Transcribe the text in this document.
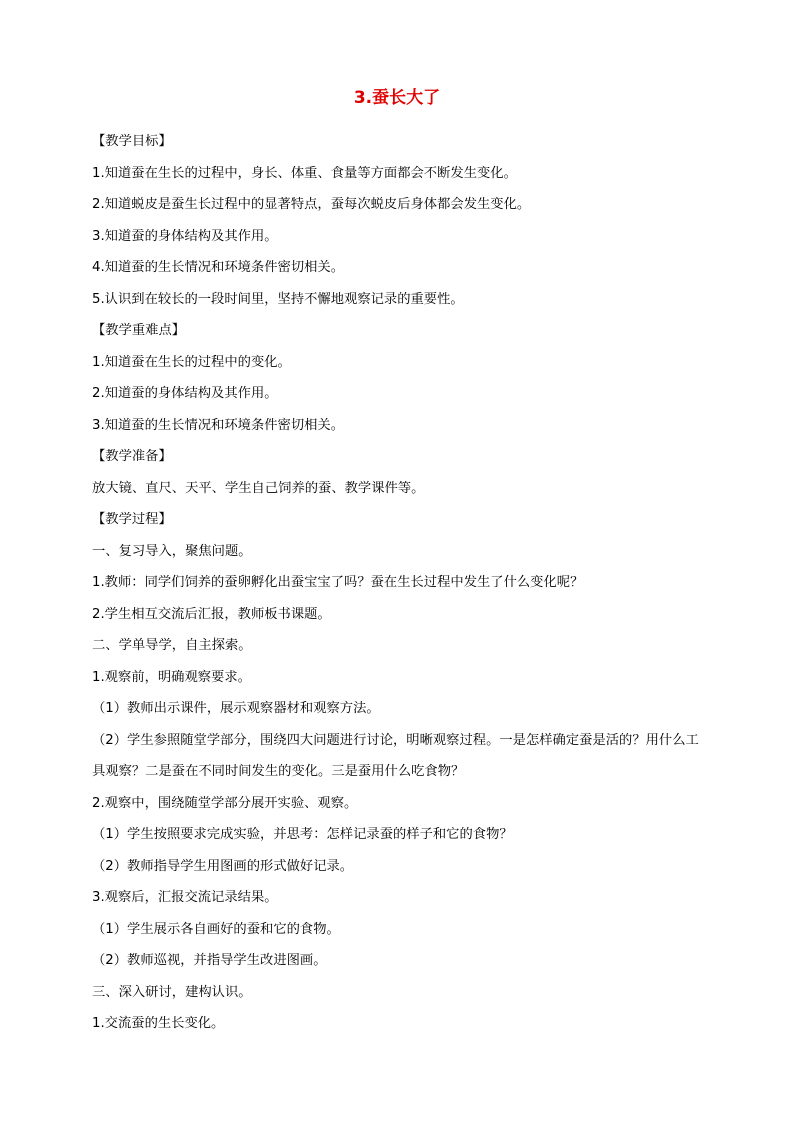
3.蚕长大了

【教学目标】

1.知道蚕在生长的过程中，身长、体重、食量等方面都会不断发生变化。

2.知道蜕皮是蚕生长过程中的显著特点，蚕每次蜕皮后身体都会发生变化。

3.知道蚕的身体结构及其作用。

4.知道蚕的生长情况和环境条件密切相关。

5.认识到在较长的一段时间里，坚持不懈地观察记录的重要性。

【教学重难点】

1.知道蚕在生长的过程中的变化。

2.知道蚕的身体结构及其作用。

3.知道蚕的生长情况和环境条件密切相关。

【教学准备】

放大镜、直尺、天平、学生自己饲养的蚕、教学课件等。

【教学过程】

一、复习导入，聚焦问题。

1.教师：同学们饲养的蚕卵孵化出蚕宝宝了吗？蚕在生长过程中发生了什么变化呢？

2.学生相互交流后汇报，教师板书课题。

二、学单导学，自主探索。

1.观察前，明确观察要求。

（1）教师出示课件，展示观察器材和观察方法。

（2）学生参照随堂学部分，围绕四大问题进行讨论，明晰观察过程。一是怎样确定蚕是活的？用什么工具观察？二是蚕在不同时间发生的变化。三是蚕用什么吃食物？

2.观察中，围绕随堂学部分展开实验、观察。

（1）学生按照要求完成实验，并思考：怎样记录蚕的样子和它的食物？

（2）教师指导学生用图画的形式做好记录。

3.观察后，汇报交流记录结果。

（1）学生展示各自画好的蚕和它的食物。

（2）教师巡视，并指导学生改进图画。

三、深入研讨，建构认识。

1.交流蚕的生长变化。
